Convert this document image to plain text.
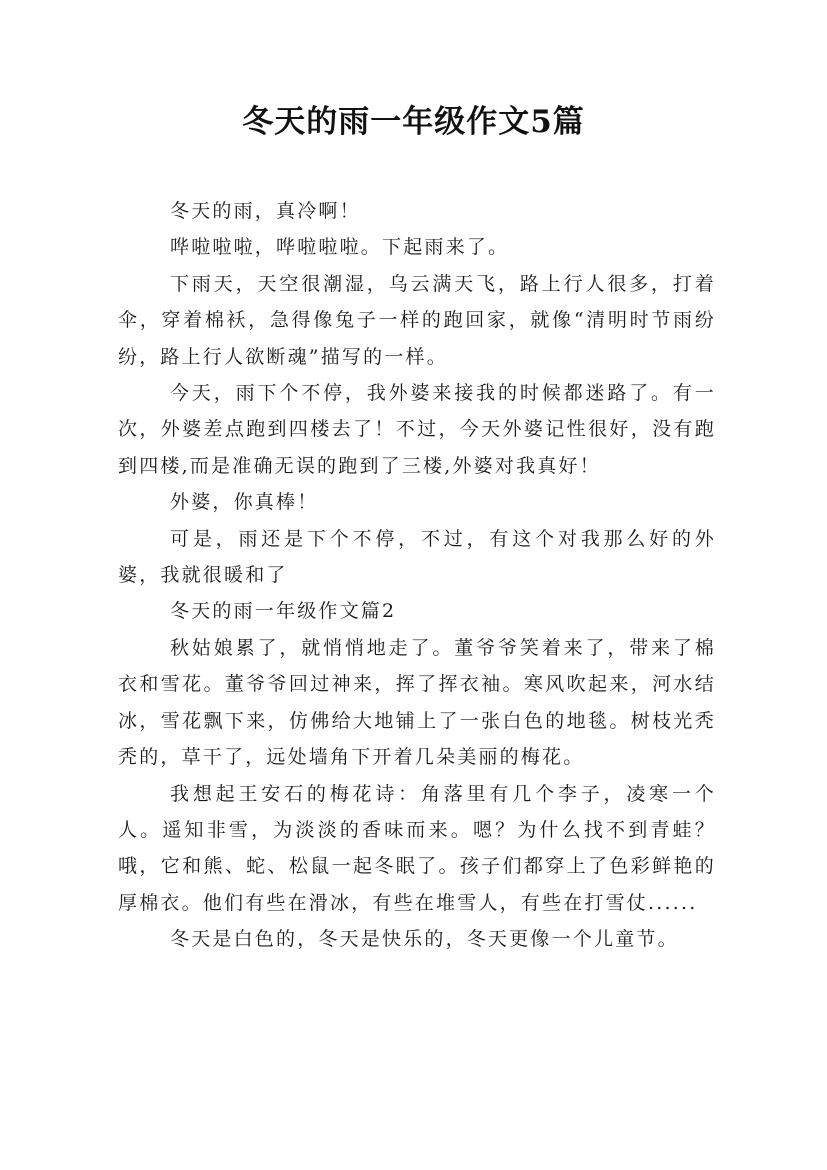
冬天的雨一年级作文5篇

冬天的雨，真冷啊！

哗啦啦啦，哗啦啦啦。下起雨来了。

下雨天，天空很潮湿，乌云满天飞，路上行人很多，打着伞，穿着棉袄，急得像兔子一样的跑回家，就像“清明时节雨纷纷，路上行人欲断魂”描写的一样。

今天，雨下个不停，我外婆来接我的时候都迷路了。有一次，外婆差点跑到四楼去了！不过，今天外婆记性很好，没有跑到四楼,而是准确无误的跑到了三楼,外婆对我真好！

外婆，你真棒！

可是，雨还是下个不停，不过，有这个对我那么好的外婆，我就很暖和了

冬天的雨一年级作文篇2

秋姑娘累了，就悄悄地走了。董爷爷笑着来了，带来了棉衣和雪花。董爷爷回过神来，挥了挥衣袖。寒风吹起来，河水结冰，雪花飘下来，仿佛给大地铺上了一张白色的地毯。树枝光秃秃的，草干了，远处墙角下开着几朵美丽的梅花。

我想起王安石的梅花诗：角落里有几个李子，凌寒一个人。遥知非雪，为淡淡的香味而来。嗯？为什么找不到青蛙？哦，它和熊、蛇、松鼠一起冬眠了。孩子们都穿上了色彩鲜艳的厚棉衣。他们有些在滑冰，有些在堆雪人，有些在打雪仗......

冬天是白色的，冬天是快乐的，冬天更像一个儿童节。
